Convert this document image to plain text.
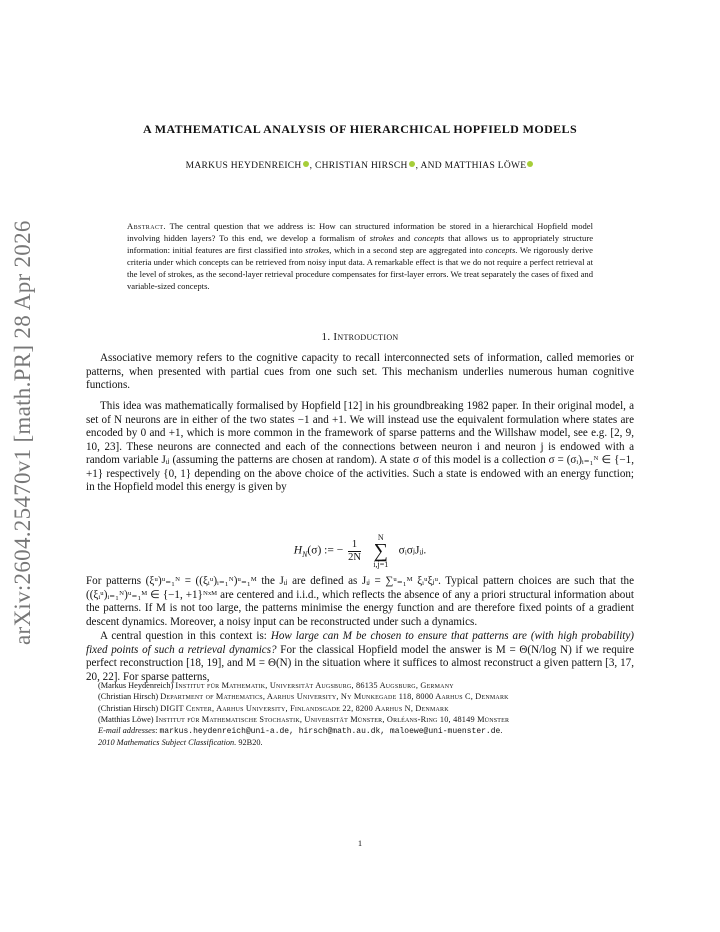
arXiv:2604.25470v1 [math.PR] 28 Apr 2026
A MATHEMATICAL ANALYSIS OF HIERARCHICAL HOPFIELD MODELS
MARKUS HEYDENREICH , CHRISTIAN HIRSCH , AND MATTHIAS LÖWE
Abstract. The central question that we address is: How can structured information be stored in a hierarchical Hopfield model involving hidden layers? To this end, we develop a formalism of strokes and concepts that allows us to appropriately structure information: initial features are first classified into strokes, which in a second step are aggregated into concepts. We rigorously derive criteria under which concepts can be retrieved from noisy input data. A remarkable effect is that we do not require a perfect retrieval at the level of strokes, as the second-layer retrieval procedure compensates for first-layer errors. We treat separately the cases of fixed and variable-sized concepts.
1. Introduction

Associative memory refers to the cognitive capacity to recall interconnected sets of information, called memories or patterns, when presented with partial cues from one such set. This mechanism underlies numerous human cognitive functions.

This idea was mathematically formalised by Hopfield [12] in his groundbreaking 1982 paper. In their original model, a set of N neurons are in either of the two states −1 and +1. We will instead use the equivalent formulation where states are encoded by 0 and +1, which is more common in the framework of sparse patterns and the Willshaw model, see e.g. [2, 9, 10, 23]. These neurons are connected and each of the connections between neuron i and neuron j is endowed with a random variable Jᵢⱼ (assuming the patterns are chosen at random). A state σ of this model is a collection σ = (σᵢ)ᵢ₌₁ᴺ ∈ {−1, +1} respectively {0, 1} depending on the above choice of the activities. Such a state is endowed with an energy function; in the Hopfield model this energy is given by

$H_N(\sigma)$ := − $\frac{1}{2N}$

N
∑
i,j=1
σᵢσⱼJᵢⱼ.

For patterns (ξᵘ)ᵘ₌₁ᴺ = ((ξᵢᵘ)ᵢ₌₁ᴺ)ᵘ₌₁ᴹ the Jᵢⱼ are defined as Jᵢⱼ = ∑ᵘ₌₁ᴹ ξᵢᵘξⱼᵘ. Typical pattern choices are such that the ((ξᵢᵘ)ᵢ₌₁ᴺ)ᵘ₌₁ᴹ ∈ {−1, +1}ᴺˣᴹ are centered and i.i.d., which reflects the absence of any a priori structural information about the patterns. If M is not too large, the patterns minimise the energy function and are therefore fixed points of a gradient descent dynamics. Moreover, a noisy input can be reconstructed under such a dynamics.

A central question in this context is: How large can M be chosen to ensure that patterns are (with high probability) fixed points of such a retrieval dynamics? For the classical Hopfield model the answer is M = Θ(N/log N) if we require perfect reconstruction [18, 19], and M = Θ(N) in the situation where it suffices to almost reconstruct a given pattern [3, 17, 20, 22]. For sparse patterns,

(Markus Heydenreich) Institut für Mathematik, Universität Augsburg, 86135 Augsburg, Germany

(Christian Hirsch) Department of Mathematics, Aarhus University, Ny Munkegade 118, 8000 Aarhus C, Denmark

(Christian Hirsch) DIGIT Center, Aarhus University, Finlandsgade 22, 8200 Aarhus N, Denmark

(Matthias Löwe) Institut für Mathematische Stochastik, Universität Münster, Orléans-Ring 10, 48149 Münster

E-mail addresses: markus.heydenreich@uni-a.de, hirsch@math.au.dk, maloewe@uni-muenster.de.

2010 Mathematics Subject Classification. 92B20.

1
